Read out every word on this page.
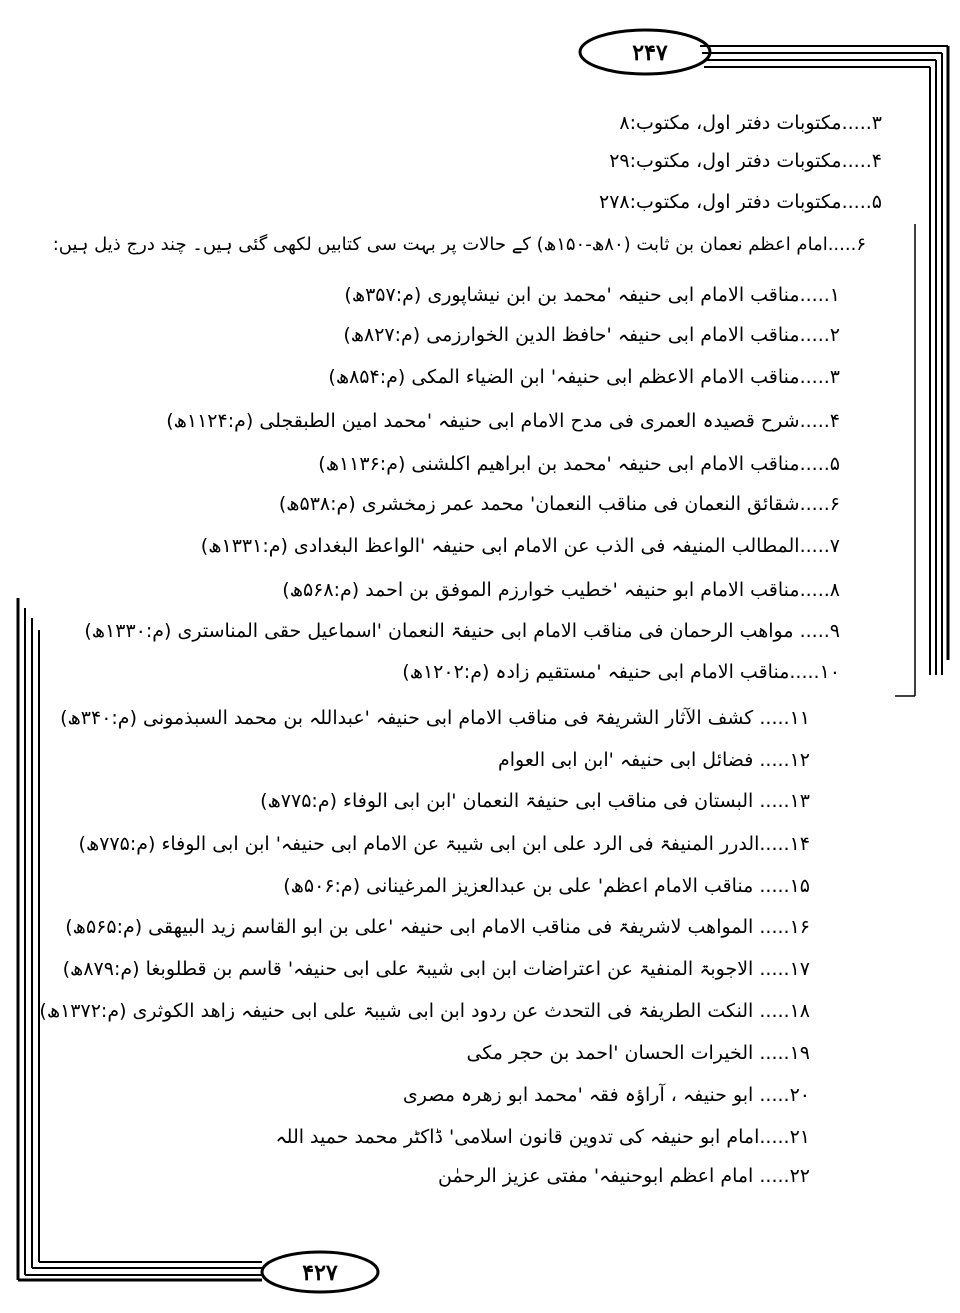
۲۴۷
۴۲۷
۳.....مکتوبات دفتر اول، مکتوب:۸
۴.....مکتوبات دفتر اول، مکتوب:۲۹
۵.....مکتوبات دفتر اول، مکتوب:۲۷۸
۶.....امام اعظم نعمان بن ثابت (۸۰ھ-۱۵۰ھ) کے حالات پر بہت سی کتابیں لکھی گئی ہیں۔ چند درج ذیل ہیں:
۱.....مناقب الامام ابی حنیفہ 'محمد بن ابن نیشاپوری (م:۳۵۷ھ)
۲.....مناقب الامام ابی حنیفہ 'حافظ الدین الخوارزمی (م:۸۲۷ھ)
۳.....مناقب الامام الاعظم ابی حنیفہ' ابن الضیاء المکی (م:۸۵۴ھ)
۴.....شرح قصیدہ العمری فی مدح الامام ابی حنیفہ 'محمد امین الطبقجلی (م:۱۱۲۴ھ)
۵.....مناقب الامام ابی حنیفہ 'محمد بن ابراھیم اکلشنی (م:۱۱۳۶ھ)
۶.....شقائق النعمان فی مناقب النعمان' محمد عمر زمخشری (م:۵۳۸ھ)
۷.....المطالب المنیفہ فی الذب عن الامام ابی حنیفہ 'الواعظ البغدادی (م:۱۳۳۱ھ)
۸.....مناقب الامام ابو حنیفہ 'خطیب خوارزم الموفق بن احمد (م:۵۶۸ھ)
۹..... مواھب الرحمان فی مناقب الامام ابی حنیفۃ النعمان 'اسماعیل حقی المناستری (م:۱۳۳۰ھ)
۱۰.....مناقب الامام ابی حنیفہ 'مستقیم زادہ (م:۱۲۰۲ھ)
۱۱..... کشف الآثار الشریفۃ فی مناقب الامام ابی حنیفہ 'عبداللہ بن محمد السبذمونی (م:۳۴۰ھ)
۱۲..... فضائل ابی حنیفہ 'ابن ابی العوام
۱۳..... البستان فی مناقب ابی حنیفۃ النعمان 'ابن ابی الوفاء (م:۷۷۵ھ)
۱۴.....الدرر المنیفۃ فی الرد علی ابن ابی شیبۃ عن الامام ابی حنیفہ' ابن ابی الوفاء (م:۷۷۵ھ)
۱۵..... مناقب الامام اعظم' علی بن عبدالعزیز المرغینانی (م:۵۰۶ھ)
۱۶..... المواھب لاشریفۃ فی مناقب الامام ابی حنیفہ 'علی بن ابو القاسم زید البیھقی (م:۵۶۵ھ)
۱۷..... الاجوبۃ المنفیۃ عن اعتراضات ابن ابی شیبۃ علی ابی حنیفہ' قاسم بن قطلوبغا (م:۸۷۹ھ)
۱۸..... النکت الطریفۃ فی التحدث عن ردود ابن ابی شیبۃ علی ابی حنیفہ زاھد الکوثری (م:۱۳۷۲ھ)
۱۹..... الخیرات الحسان 'احمد بن حجر مکی
۲۰..... ابو حنیفہ ، آراؤہ فقہ 'محمد ابو زھرہ مصری
۲۱.....امام ابو حنیفہ کی تدوین قانون اسلامی' ڈاکٹر محمد حمید اللہ
۲۲..... امام اعظم ابوحنیفہ' مفتی عزیز الرحمٰن
